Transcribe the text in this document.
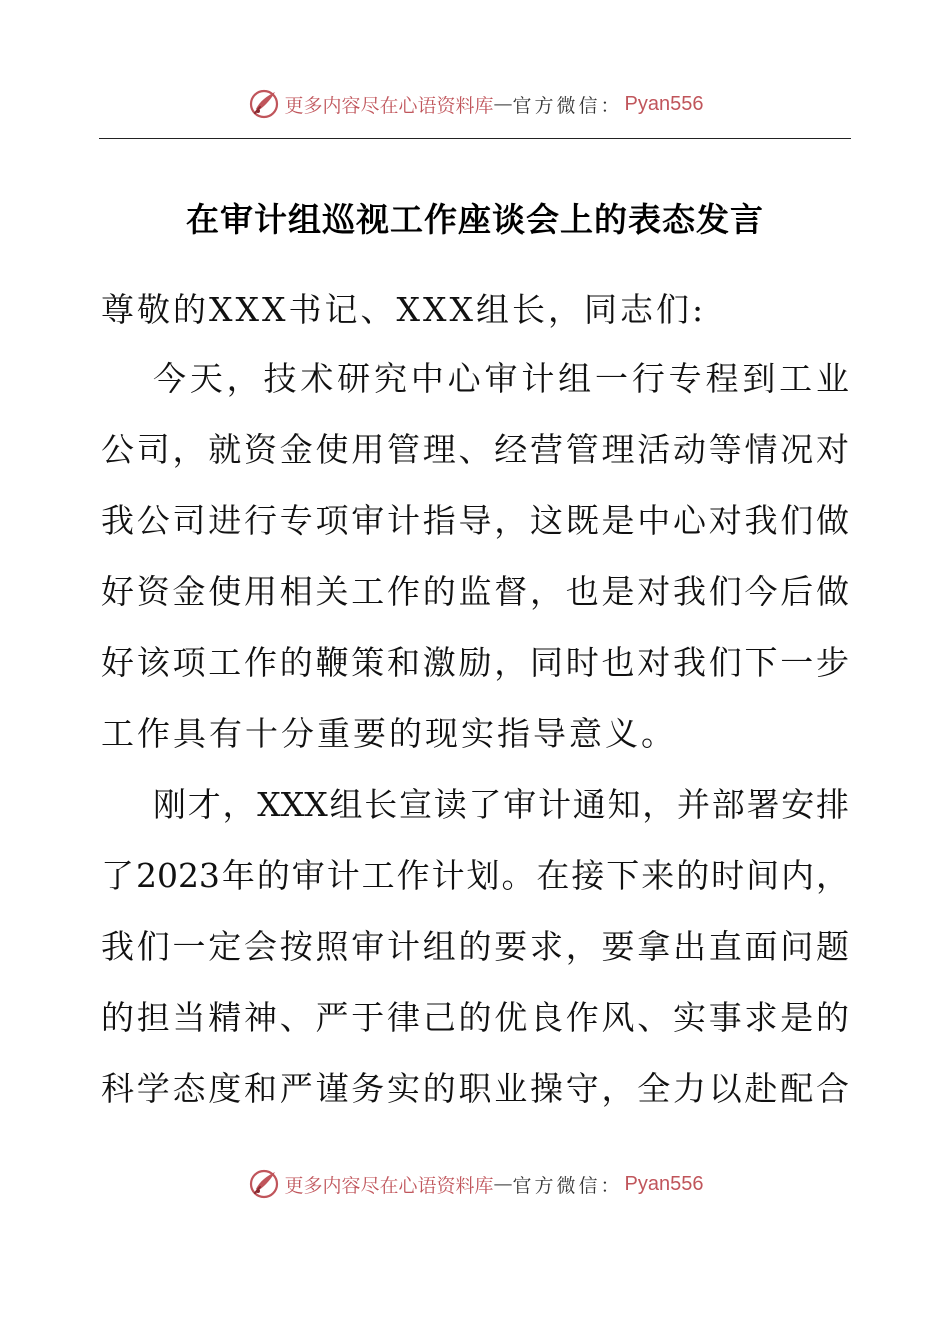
更多内容尽在心语资料库 — 官方微信： Pyan556
在审计组巡视工作座谈会上的表态发言
尊敬的XXX书记、XXX组长，同志们:
今天，技术研究中心审计组一行专程到工业
公司，就资金使用管理、经营管理活动等情况对
我公司进行专项审计指导，这既是中心对我们做
好资金使用相关工作的监督，也是对我们今后做
好该项工作的鞭策和激励，同时也对我们下一步
工作具有十分重要的现实指导意义。
刚才，XXX组长宣读了审计通知，并部署安排
了2023年的审计工作计划。在接下来的时间内，
我们一定会按照审计组的要求，要拿出直面问题
的担当精神、严于律己的优良作风、实事求是的
科学态度和严谨务实的职业操守，全力以赴配合
更多内容尽在心语资料库 — 官方微信： Pyan556
